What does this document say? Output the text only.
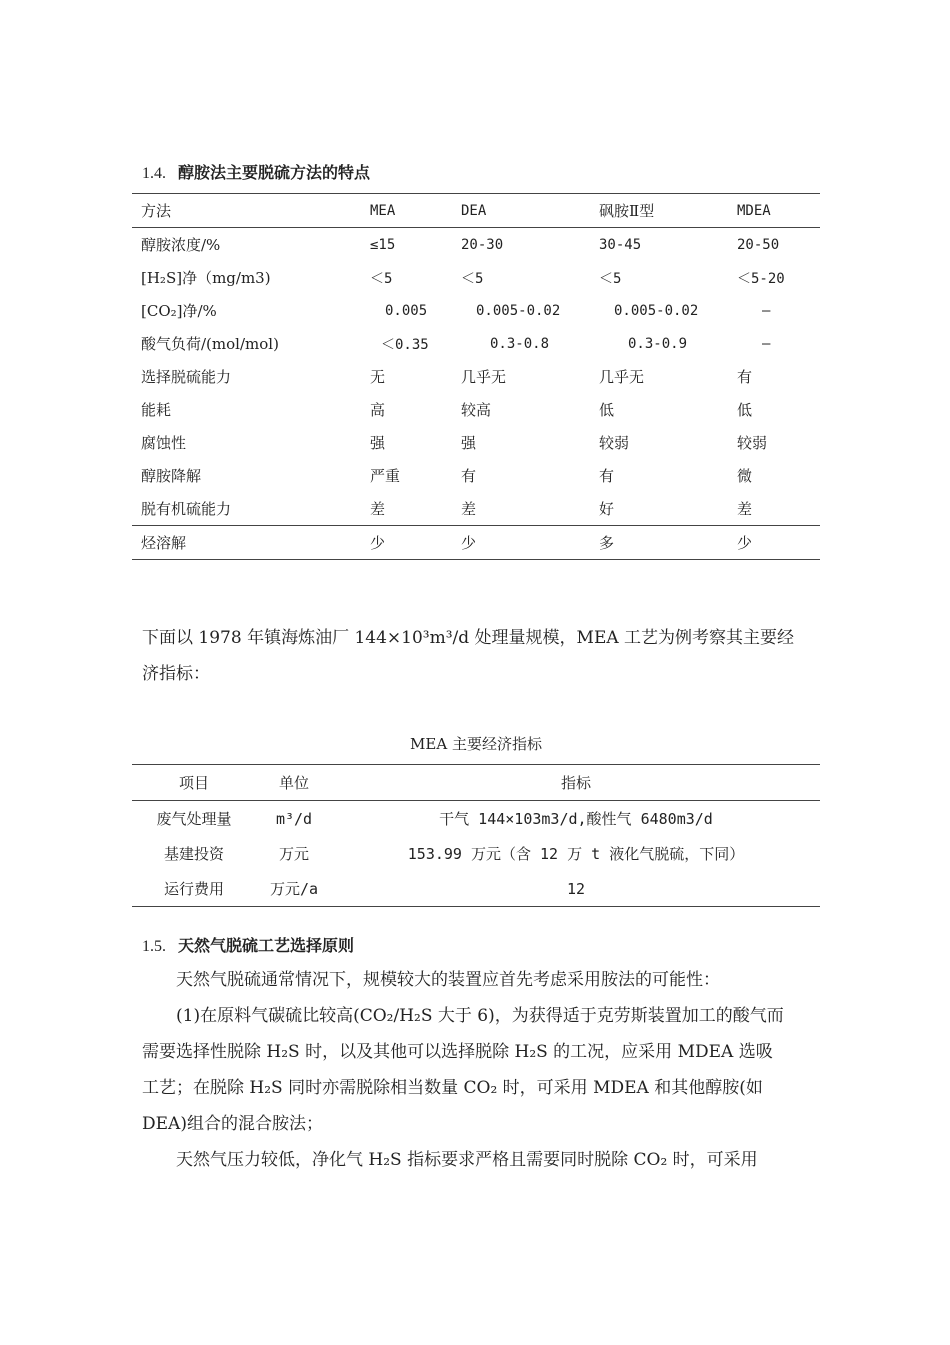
1.4. 醇胺法主要脱硫方法的特点
方法	MEA	DEA	砜胺Ⅱ型	MDEA
醇胺浓度/%	≤15	20-30	30-45	20-50
[H₂S]净（mg/m3)	＜5	＜5	＜5	＜5-20
[CO₂]净/%	0.005	0.005-0.02	0.005-0.02	—
酸气负荷/(mol/mol)	＜0.35	0.3-0.8	0.3-0.9	—
选择脱硫能力	无	几乎无	几乎无	有
能耗	高	较高	低	低
腐蚀性	强	强	较弱	较弱
醇胺降解	严重	有	有	微
脱有机硫能力	差	差	好	差
烃溶解	少	少	多	少
下面以 1978 年镇海炼油厂 144×10³m³/d 处理量规模，MEA 工艺为例考察其主要经
济指标：
MEA 主要经济指标
项目	单位	指标
废气处理量	m³/d	干气 144×103m3/d,酸性气 6480m3/d
基建投资	万元	153.99 万元（含 12 万 t 液化气脱硫，下同）
运行费用	万元/a	12
1.5. 天然气脱硫工艺选择原则
天然气脱硫通常情况下，规模较大的装置应首先考虑采用胺法的可能性：
(1)在原料气碳硫比较高(CO₂/H₂S 大于 6)，为获得适于克劳斯装置加工的酸气而
需要选择性脱除 H₂S 时，以及其他可以选择脱除 H₂S 的工况，应采用 MDEA 选吸
工艺；在脱除 H₂S 同时亦需脱除相当数量 CO₂ 时，可采用 MDEA 和其他醇胺(如
DEA)组合的混合胺法；
天然气压力较低，净化气 H₂S 指标要求严格且需要同时脱除 CO₂ 时，可采用
